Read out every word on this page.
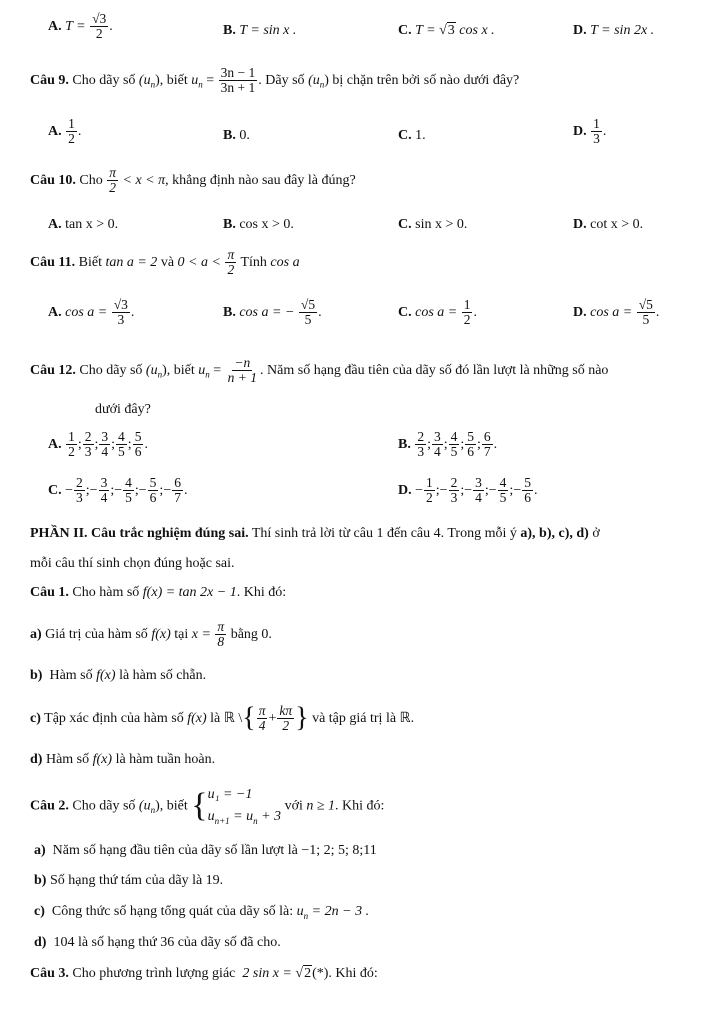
A. $T = \frac{√3}{2}$ .	B. T = sin x .	C. T = √3 cos x .	D. T = sin 2x .
Câu 9. Cho dãy số $(u_n)$, biết $u_n = \frac{3n - 1}{3n + 1}$ . Dãy số $(u_n)$ bị chặn trên bởi số nào dưới đây?
A. $\frac{1}{2}$ .	B. 0.	C. 1.	D. $\frac{1}{3}$ .
Câu 10. Cho $\frac{\pi}{2} < x < \pi$, khẳng định nào sau đây là đúng?
A. tan x > 0.	B. cos x > 0.	C. sin x > 0.	D. cot x > 0.
Câu 11. Biết tan a = 2 và $0 < a < \frac{\pi}{2}$ Tính cos a
A. $\cos a = \frac{√3}{3}$ .	B. cos a = − $\frac{√5}{5}$ .	C. $\cos a = \frac{1}{2}$ .	D. $\cos a = \frac{√5}{5}$ .
Câu 12. Cho dãy số $(u_n)$, biết $u_n = \frac{-n}{n + 1}$ . Năm số hạng đầu tiên của dãy số đó lần lượt là những số nào
dưới đây?
A. $\frac{1}{2}$ ; $\frac{2}{3}$ ; $\frac{3}{4}$ ; $\frac{4}{5}$ ; $\frac{5}{6}$ .	B. $\frac{2}{3}$ ; $\frac{3}{4}$ ; $\frac{4}{5}$ ; $\frac{5}{6}$ ; $\frac{6}{7}$ .
C. − $\frac{2}{3}$ ;− $\frac{3}{4}$ ;− $\frac{4}{5}$ ;− $\frac{5}{6}$ ;− $\frac{6}{7}$ .	D. − $\frac{1}{2}$ ;− $\frac{2}{3}$ ;− $\frac{3}{4}$ ;− $\frac{4}{5}$ ;− $\frac{5}{6}$ .
PHẦN II. Câu trắc nghiệm đúng sai. Thí sinh trả lời từ câu 1 đến câu 4. Trong mỗi ý a), b), c), d) ở
mỗi câu thí sinh chọn đúng hoặc sai.
Câu 1. Cho hàm số f(x) = tan 2x − 1. Khi đó:
a) Giá trị của hàm số f(x) tại $x = \frac{\pi}{8}$ bằng 0.
b) Hàm số f(x) là hàm số chẵn.
c) Tập xác định của hàm số f(x) là ℝ \{ $\frac{\pi}{4} + \frac{k\pi}{2}$ } và tập giá trị là ℝ.
d) Hàm số f(x) là hàm tuần hoàn.
Câu 2. Cho dãy số $(u_n)$, biết { u₁ = −1
$u_{n+1} = u_n + 3$
với n ≥ 1. Khi đó:
a) Năm số hạng đầu tiên của dãy số lần lượt là −1; 2; 5; 8;11
b) Số hạng thứ tám của dãy là 19.
c) Công thức số hạng tổng quát của dãy số là: $u_n = 2n - 3$ .
d) 104 là số hạng thứ 36 của dãy số đã cho.
Câu 3. Cho phương trình lượng giác 2 sin x = √2(*). Khi đó:
